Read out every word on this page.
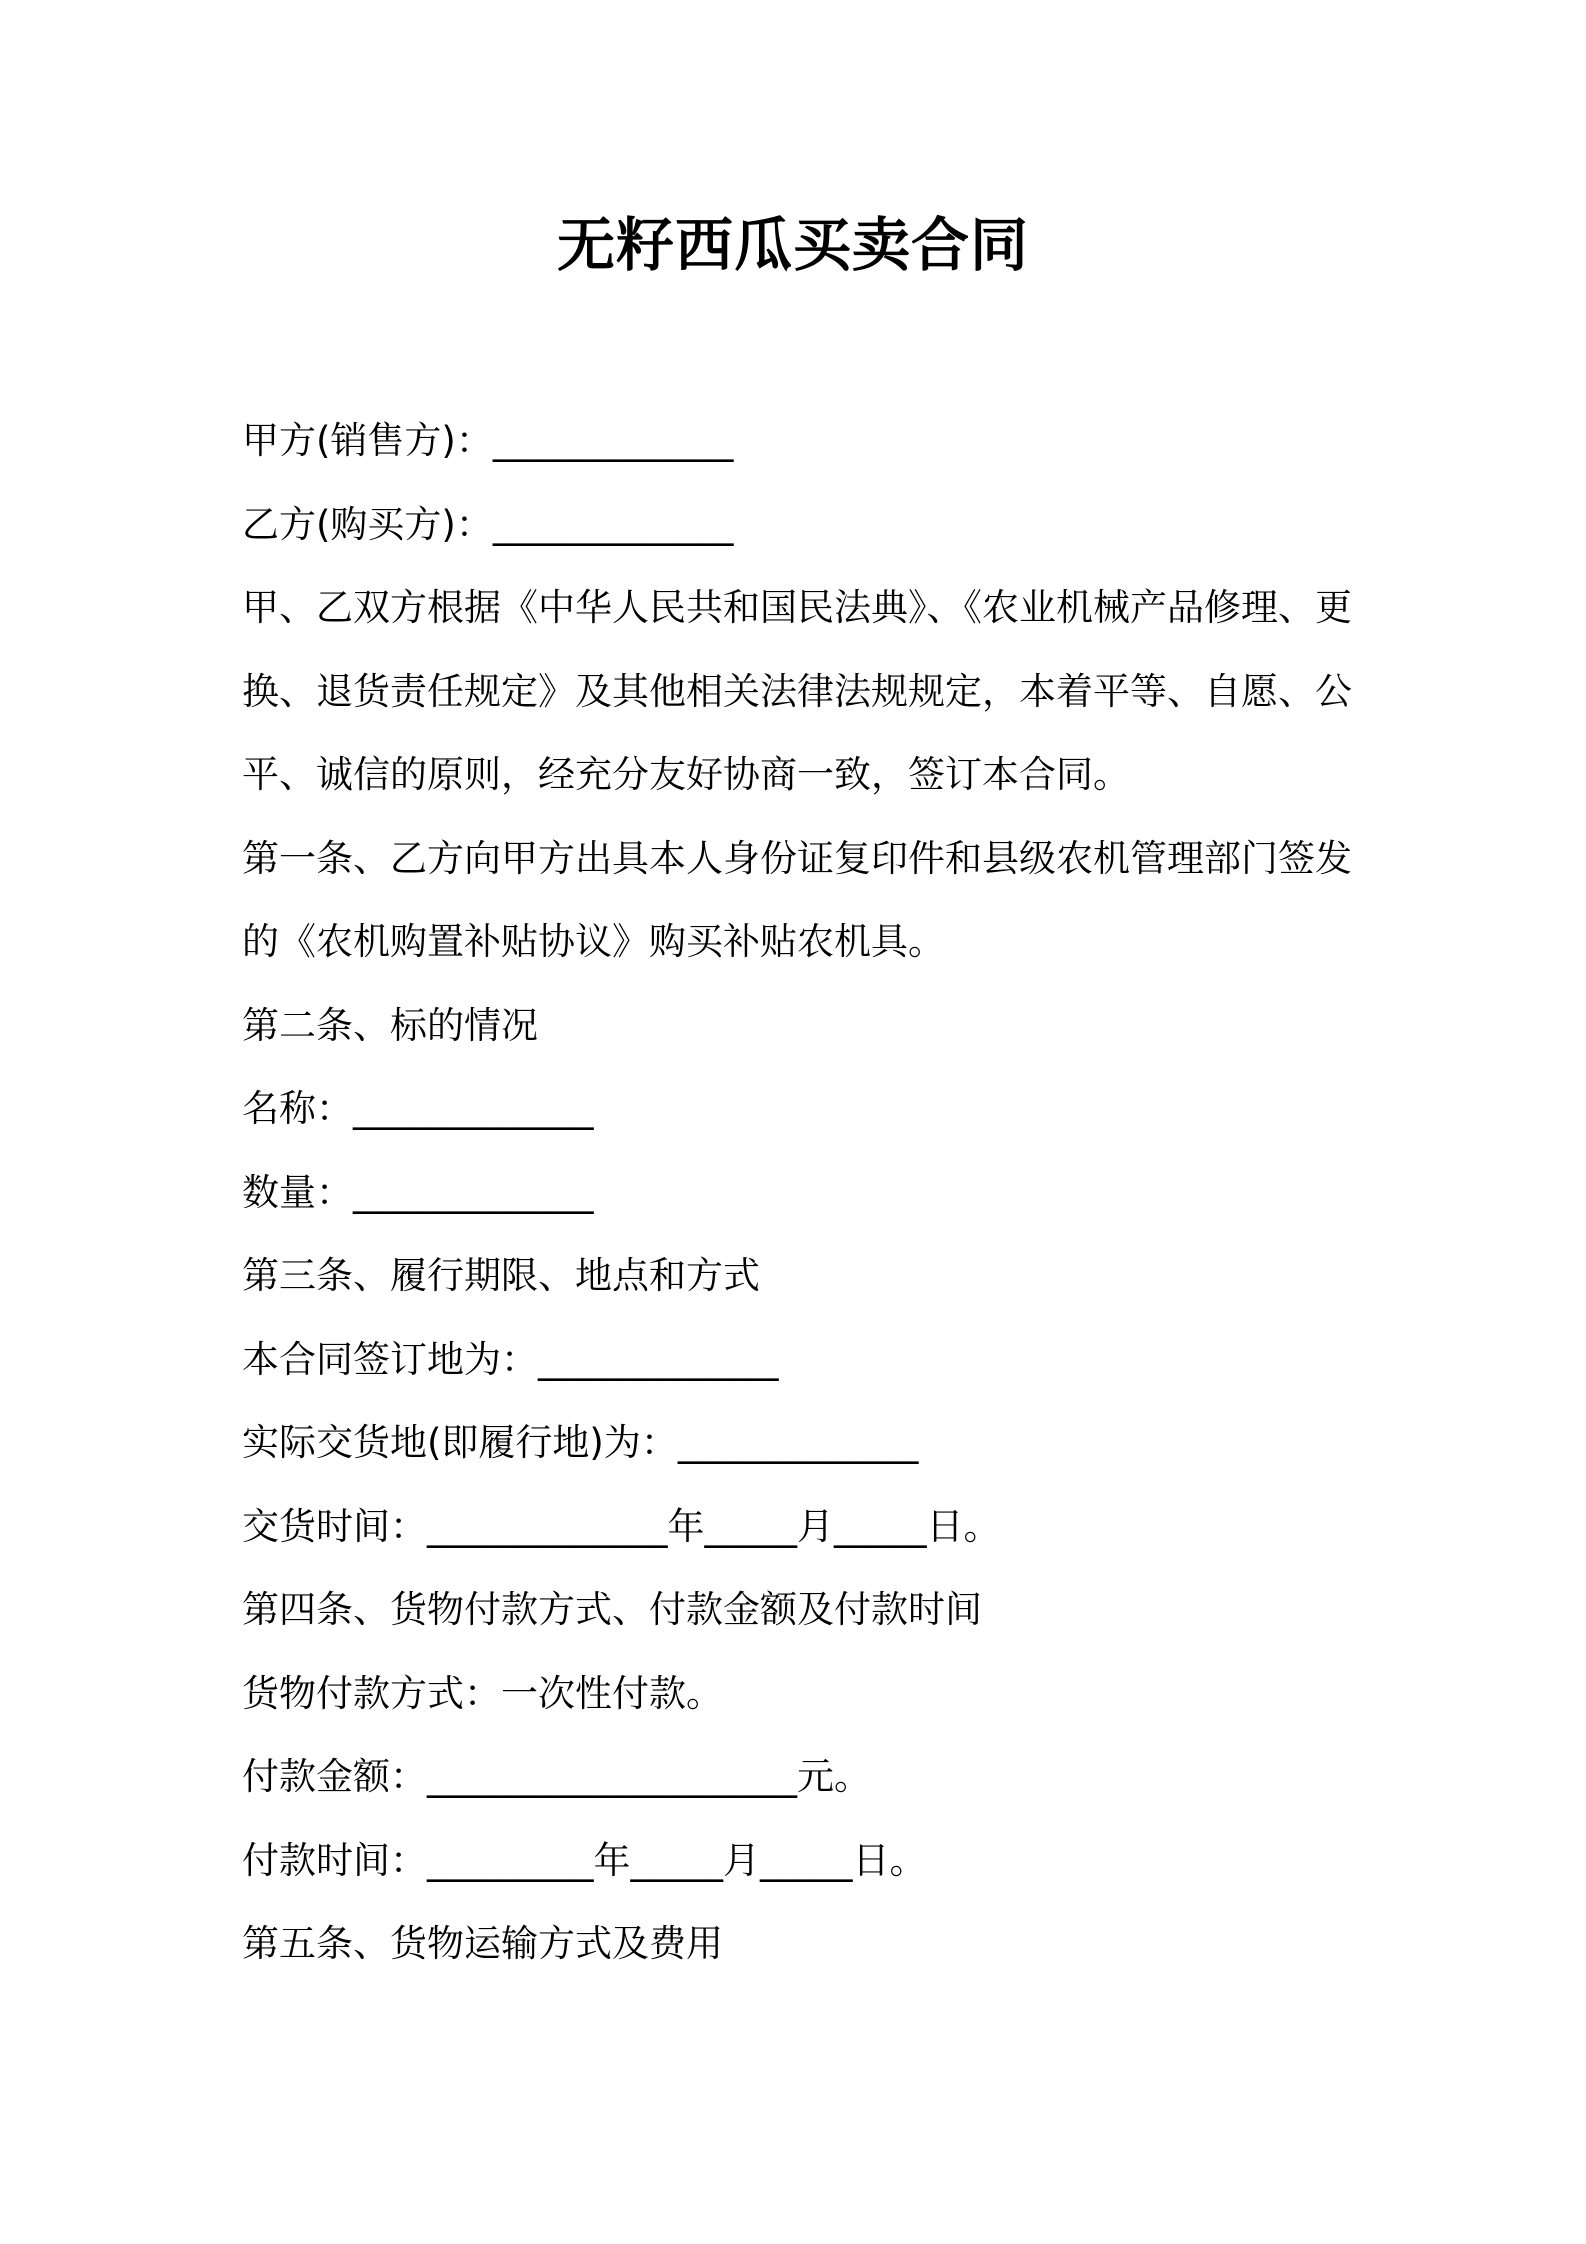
无籽西瓜买卖合同
甲方(销售方)：_____________
乙方(购买方)：_____________
甲、乙双方根据《中华人民共和国民法典》、《农业机械产品修理、更
换、退货责任规定》及其他相关法律法规规定，本着平等、自愿、公
平、诚信的原则，经充分友好协商一致，签订本合同。
第一条、乙方向甲方出具本人身份证复印件和县级农机管理部门签发
的《农机购置补贴协议》购买补贴农机具。
第二条、标的情况
名称：_____________
数量：_____________
第三条、履行期限、地点和方式
本合同签订地为：_____________
实际交货地(即履行地)为：_____________
交货时间：_____________年_____月_____日。
第四条、货物付款方式、付款金额及付款时间
货物付款方式：一次性付款。
付款金额：____________________元。
付款时间：_________年_____月_____日。
第五条、货物运输方式及费用
